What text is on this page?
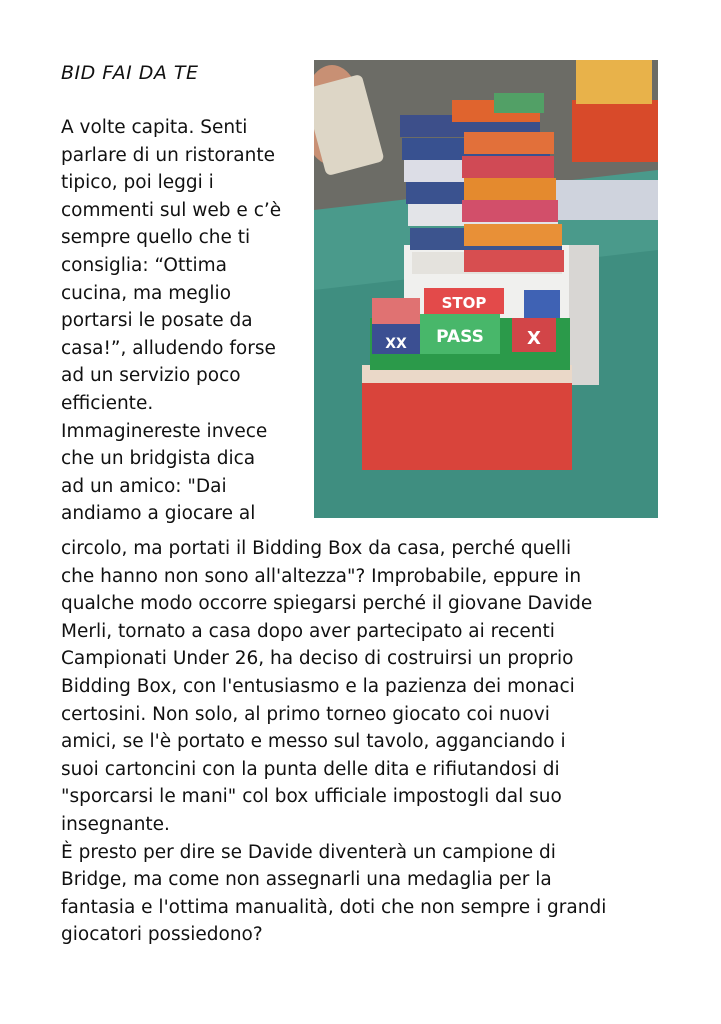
BID FAI DA TE
A volte capita. Senti
parlare di un ristorante
tipico, poi leggi i
commenti sul web e c’è
sempre quello che ti
consiglia: “Ottima
cucina, ma meglio
portarsi le posate da
casa!”, alludendo forse
ad un servizio poco
efficiente.
Immaginereste invece
che un bridgista dica
ad un amico: "Dai
andiamo a giocare al
circolo, ma portati il Bidding Box da casa, perché quelli
che hanno non sono all'altezza"? Improbabile, eppure in
qualche modo occorre spiegarsi perché il giovane Davide
Merli, tornato a casa dopo aver partecipato ai recenti
Campionati Under 26, ha deciso di costruirsi un proprio
Bidding Box, con l'entusiasmo e la pazienza dei monaci
certosini. Non solo, al primo torneo giocato coi nuovi
amici, se l'è portato e messo sul tavolo, agganciando i
suoi cartoncini con la punta delle dita e rifiutandosi di
"sporcarsi le mani" col box ufficiale impostogli dal suo
insegnante.
È presto per dire se Davide diventerà un campione di
Bridge, ma come non assegnarli una medaglia per la
fantasia e l'ottima manualità, doti che non sempre i grandi
giocatori possiedono?
STOP
PASS
XX	X
